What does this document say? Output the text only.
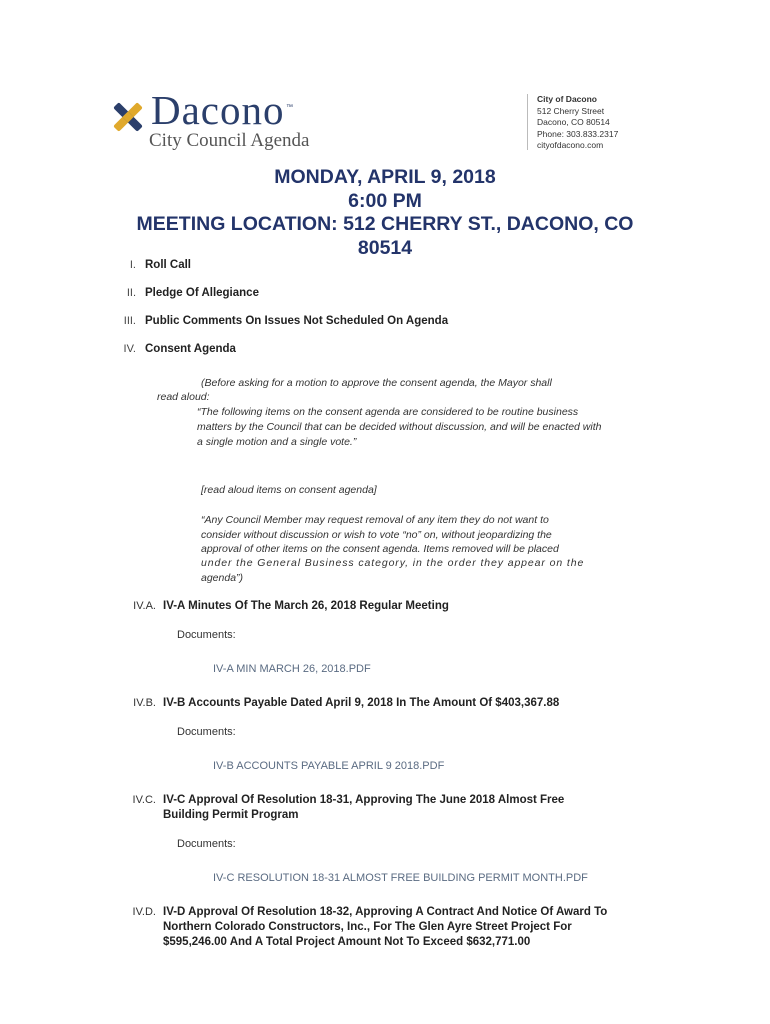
Dacono ™
City Council Agenda
City of Dacono
512 Cherry Street
Dacono, CO 80514
Phone: 303.833.2317
cityofdacono.com
MONDAY, APRIL 9, 2018
6:00 PM
MEETING LOCATION: 512 CHERRY ST., DACONO, CO
80514
I. Roll Call
II. Pledge Of Allegiance
III. Public Comments On Issues Not Scheduled On Agenda
IV. Consent Agenda
(Before asking for a motion to approve the consent agenda, the Mayor shall
read aloud:
“The following items on the consent agenda are considered to be routine business
matters by the Council that can be decided without discussion, and will be enacted with
a single motion and a single vote.”
[read aloud items on consent agenda]
“Any Council Member may request removal of any item they do not want to
consider without discussion or wish to vote “no” on, without jeopardizing the
approval of other items on the consent agenda. Items removed will be placed
under the General Business category, in the order they appear on the
agenda”)
IV.A. IV-A Minutes Of The March 26, 2018 Regular Meeting
Documents:
IV-A MIN MARCH 26, 2018.PDF
IV.B. IV-B Accounts Payable Dated April 9, 2018 In The Amount Of $403,367.88
Documents:
IV-B ACCOUNTS PAYABLE APRIL 9 2018.PDF
IV.C. IV-C Approval Of Resolution 18-31, Approving The June 2018 Almost Free
Building Permit Program
Documents:
IV-C RESOLUTION 18-31 ALMOST FREE BUILDING PERMIT MONTH.PDF
IV.D. IV-D Approval Of Resolution 18-32, Approving A Contract And Notice Of Award To
Northern Colorado Constructors, Inc., For The Glen Ayre Street Project For
$595,246.00 And A Total Project Amount Not To Exceed $632,771.00
